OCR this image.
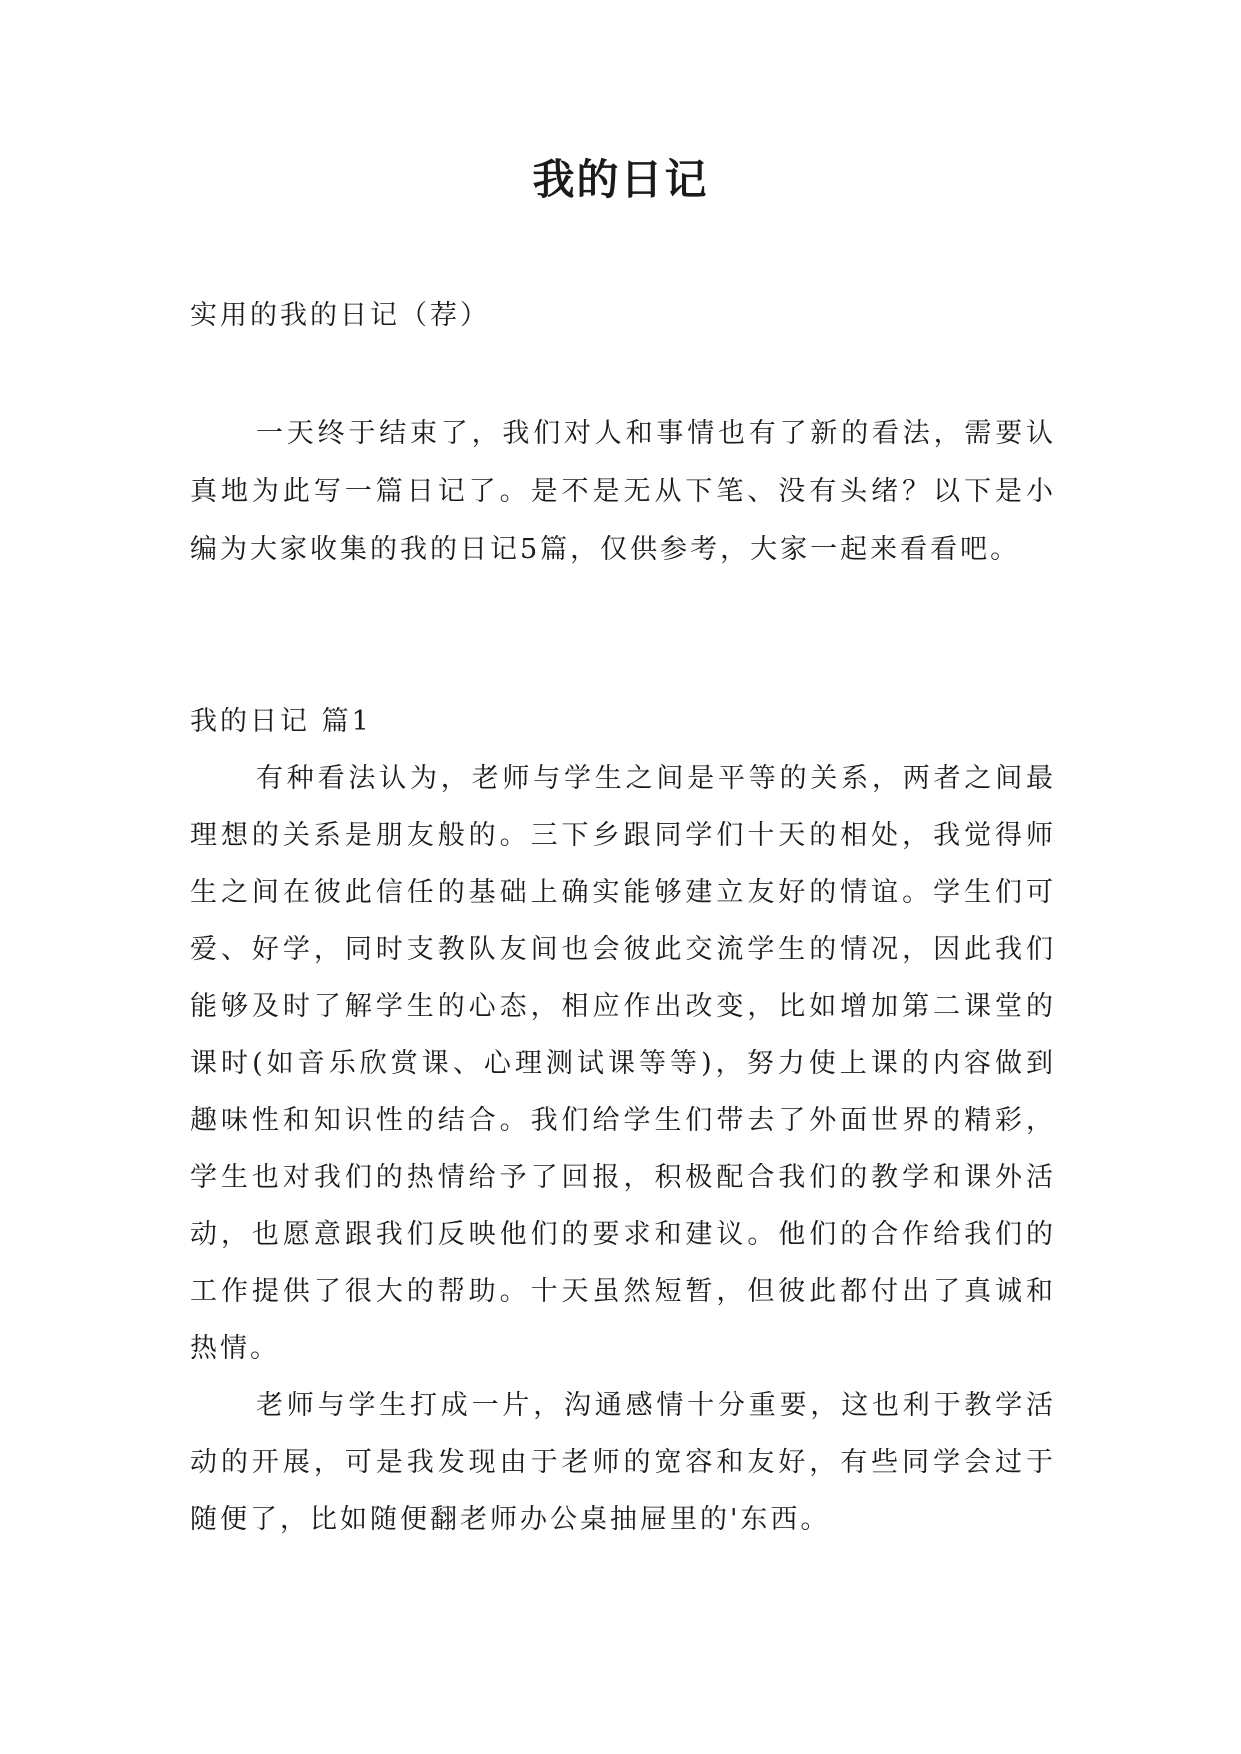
我的日记

实用的我的日记（荐）

一天终于结束了，我们对人和事情也有了新的看法，需要认真地为此写一篇日记了。是不是无从下笔、没有头绪？以下是小编为大家收集的我的日记5篇，仅供参考，大家一起来看看吧。

我的日记 篇1

有种看法认为，老师与学生之间是平等的关系，两者之间最理想的关系是朋友般的。三下乡跟同学们十天的相处，我觉得师生之间在彼此信任的基础上确实能够建立友好的情谊。学生们可爱、好学，同时支教队友间也会彼此交流学生的情况，因此我们能够及时了解学生的心态，相应作出改变，比如增加第二课堂的课时(如音乐欣赏课、心理测试课等等)，努力使上课的内容做到趣味性和知识性的结合。我们给学生们带去了外面世界的精彩，学生也对我们的热情给予了回报，积极配合我们的教学和课外活动，也愿意跟我们反映他们的要求和建议。他们的合作给我们的工作提供了很大的帮助。十天虽然短暂，但彼此都付出了真诚和热情。

老师与学生打成一片，沟通感情十分重要，这也利于教学活动的开展，可是我发现由于老师的宽容和友好，有些同学会过于随便了，比如随便翻老师办公桌抽屉里的'东西。
